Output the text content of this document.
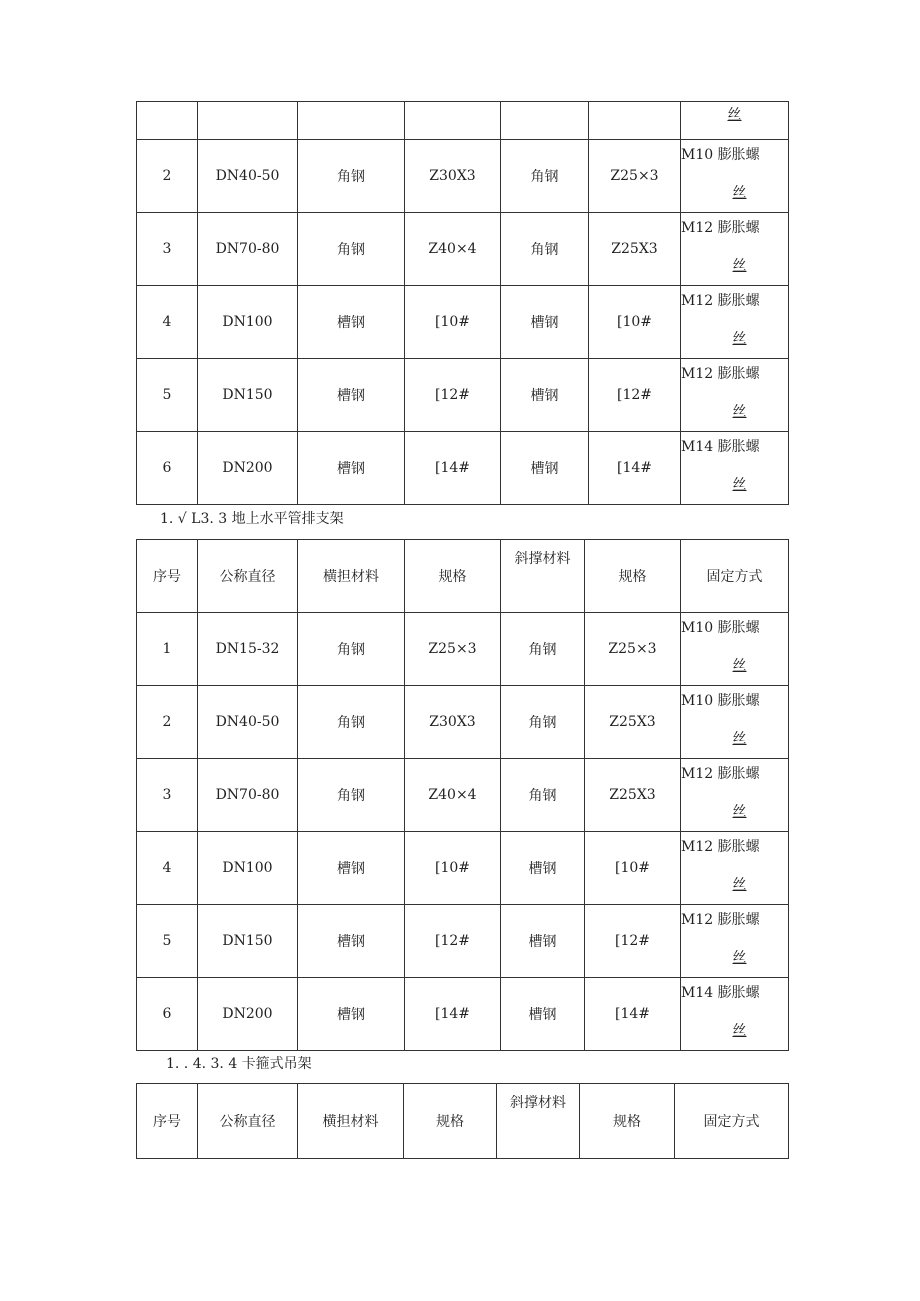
						丝

2	DN40-50	角钢	Z30X3	角钢	Z25×3	M10 膨胀螺
丝

3	DN70-80	角钢	Z40×4	角钢	Z25X3	M12 膨胀螺
丝

4	DN100	槽钢	[10#	槽钢	[10#	M12 膨胀螺
丝

5	DN150	槽钢	[12#	槽钢	[12#	M12 膨胀螺
丝

6	DN200	槽钢	[14#	槽钢	[14#	M14 膨胀螺
丝
1. √ L3. 3 地上水平管排支架
序号	公称直径	横担材料	规格	斜撑材料	规格	固定方式
1	DN15-32	角钢	Z25×3	角钢	Z25×3	M10 膨胀螺
丝

2	DN40-50	角钢	Z30X3	角钢	Z25X3	M10 膨胀螺
丝

3	DN70-80	角钢	Z40×4	角钢	Z25X3	M12 膨胀螺
丝

4	DN100	槽钢	[10#	槽钢	[10#	M12 膨胀螺
丝

5	DN150	槽钢	[12#	槽钢	[12#	M12 膨胀螺
丝

6	DN200	槽钢	[14#	槽钢	[14#	M14 膨胀螺
丝
1. . 4. 3. 4 卡箍式吊架
序号	公称直径	横担材料	规格	斜撑材料	规格	固定方式
